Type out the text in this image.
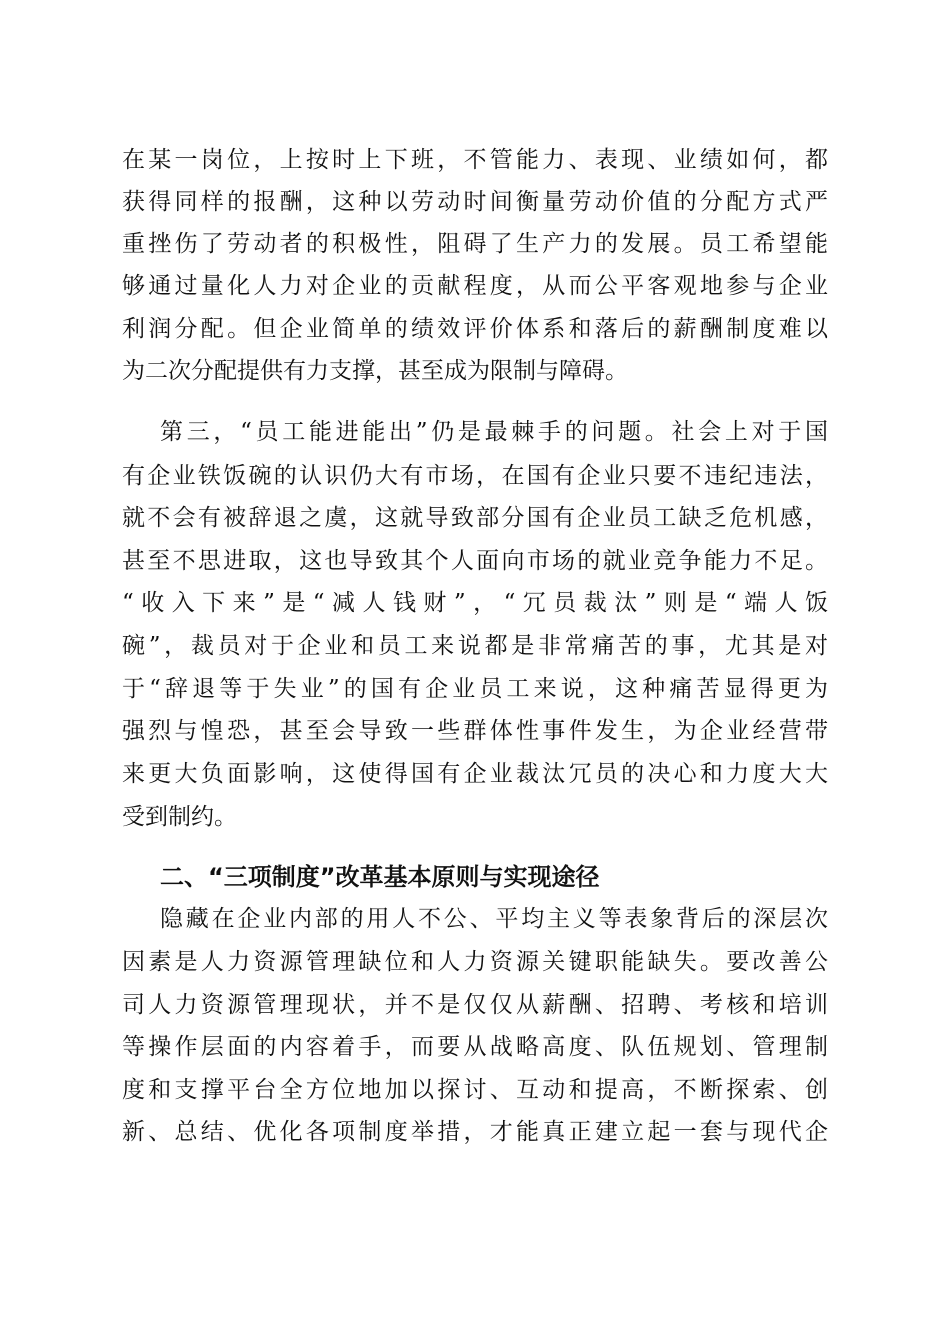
在某一岗位，上按时上下班，不管能力、表现、业绩如何，都
获得同样的报酬，这种以劳动时间衡量劳动价值的分配方式严
重挫伤了劳动者的积极性，阻碍了生产力的发展。员工希望能
够通过量化人力对企业的贡献程度，从而公平客观地参与企业
利润分配。但企业简单的绩效评价体系和落后的薪酬制度难以
为二次分配提供有力支撑，甚至成为限制与障碍。
第三，“员工能进能出”仍是最棘手的问题。社会上对于国
有企业铁饭碗的认识仍大有市场，在国有企业只要不违纪违法，
就不会有被辞退之虞，这就导致部分国有企业员工缺乏危机感，
甚至不思进取，这也导致其个人面向市场的就业竞争能力不足。
“收入下来”是“减人钱财”，“冗员裁汰”则是“端人饭
碗”，裁员对于企业和员工来说都是非常痛苦的事，尤其是对
于“辞退等于失业”的国有企业员工来说，这种痛苦显得更为
强烈与惶恐，甚至会导致一些群体性事件发生，为企业经营带
来更大负面影响，这使得国有企业裁汰冗员的决心和力度大大
受到制约。
二、“三项制度”改革基本原则与实现途径
隐藏在企业内部的用人不公、平均主义等表象背后的深层次
因素是人力资源管理缺位和人力资源关键职能缺失。要改善公
司人力资源管理现状，并不是仅仅从薪酬、招聘、考核和培训
等操作层面的内容着手，而要从战略高度、队伍规划、管理制
度和支撑平台全方位地加以探讨、互动和提高，不断探索、创
新、总结、优化各项制度举措，才能真正建立起一套与现代企
